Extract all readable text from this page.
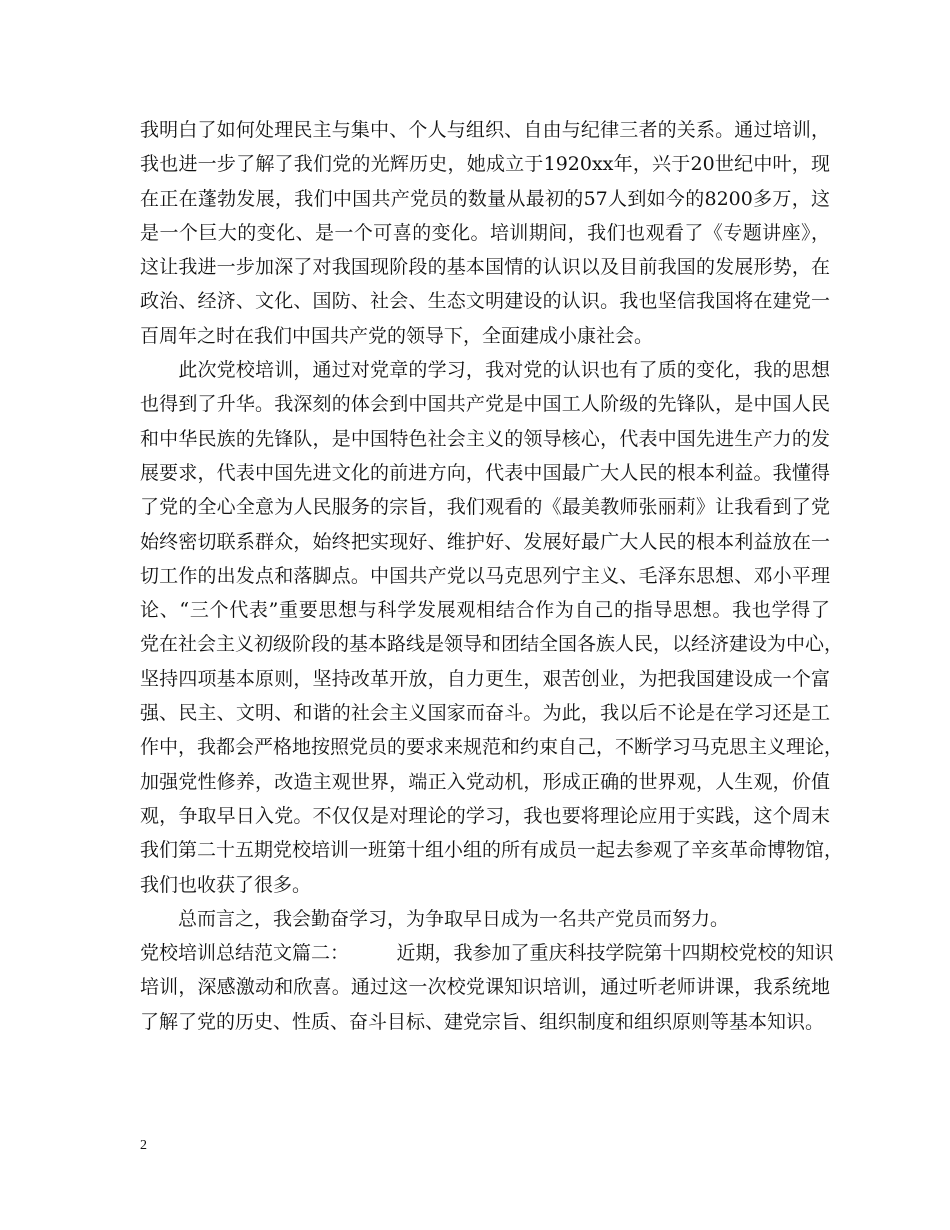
我明白了如何处理民主与集中、个人与组织、自由与纪律三者的关系。通过培训，
我也进一步了解了我们党的光辉历史，她成立于1920xx年，兴于20世纪中叶，现
在正在蓬勃发展，我们中国共产党员的数量从最初的57人到如今的8200多万，这
是一个巨大的变化、是一个可喜的变化。培训期间，我们也观看了《专题讲座》，
这让我进一步加深了对我国现阶段的基本国情的认识以及目前我国的发展形势，在
政治、经济、文化、国防、社会、生态文明建设的认识。我也坚信我国将在建党一
百周年之时在我们中国共产党的领导下，全面建成小康社会。
　　此次党校培训，通过对党章的学习，我对党的认识也有了质的变化，我的思想
也得到了升华。我深刻的体会到中国共产党是中国工人阶级的先锋队，是中国人民
和中华民族的先锋队，是中国特色社会主义的领导核心，代表中国先进生产力的发
展要求，代表中国先进文化的前进方向，代表中国最广大人民的根本利益。我懂得
了党的全心全意为人民服务的宗旨，我们观看的《最美教师张丽莉》让我看到了党
始终密切联系群众，始终把实现好、维护好、发展好最广大人民的根本利益放在一
切工作的出发点和落脚点。中国共产党以马克思列宁主义、毛泽东思想、邓小平理
论、“三个代表”重要思想与科学发展观相结合作为自己的指导思想。我也学得了
党在社会主义初级阶段的基本路线是领导和团结全国各族人民，以经济建设为中心，
坚持四项基本原则，坚持改革开放，自力更生，艰苦创业，为把我国建设成一个富
强、民主、文明、和谐的社会主义国家而奋斗。为此，我以后不论是在学习还是工
作中，我都会严格地按照党员的要求来规范和约束自己，不断学习马克思主义理论，
加强党性修养，改造主观世界，端正入党动机，形成正确的世界观，人生观，价值
观，争取早日入党。不仅仅是对理论的学习，我也要将理论应用于实践，这个周末
我们第二十五期党校培训一班第十组小组的所有成员一起去参观了辛亥革命博物馆，
我们也收获了很多。
　　总而言之，我会勤奋学习，为争取早日成为一名共产党员而努力。
党校培训总结范文篇二：　　　近期，我参加了重庆科技学院第十四期校党校的知识
培训，深感激动和欣喜。通过这一次校党课知识培训，通过听老师讲课，我系统地
了解了党的历史、性质、奋斗目标、建党宗旨、组织制度和组织原则等基本知识。
2
